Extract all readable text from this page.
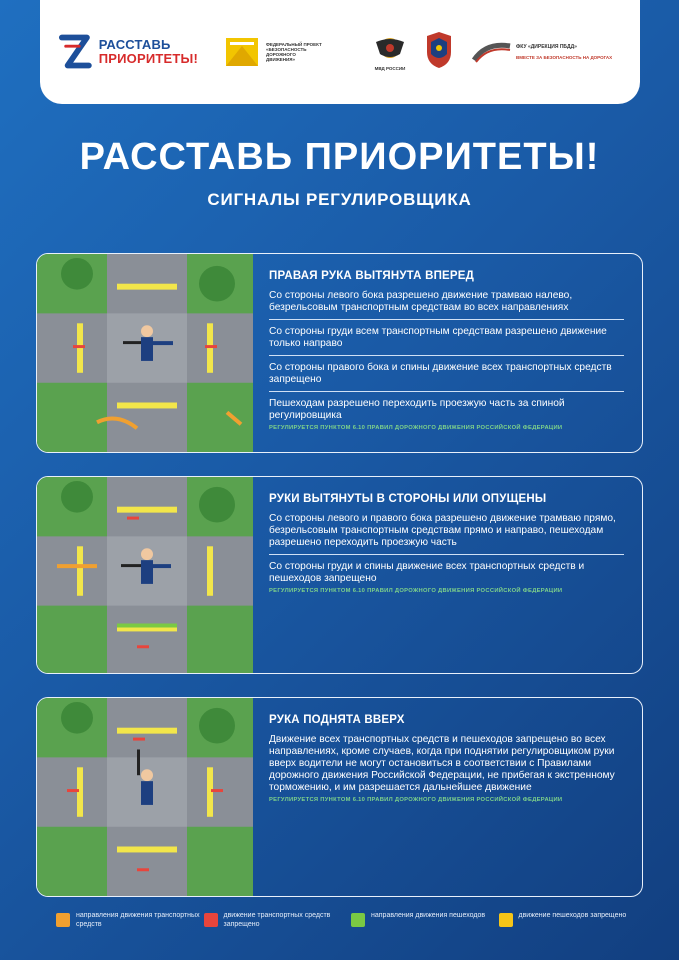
РАССТАВЬ
ПРИОРИТЕТЫ!
ФЕДЕРАЛЬНЫЙ ПРОЕКТ «БЕЗОПАСНОСТЬ ДОРОЖНОГО ДВИЖЕНИЯ»
МВД РОССИИ
ФКУ «ДИРЕКЦИЯ ПБДД»
ВМЕСТЕ ЗА БЕЗОПАСНОСТЬ НА ДОРОГАХ
РАССТАВЬ ПРИОРИТЕТЫ!
СИГНАЛЫ РЕГУЛИРОВЩИКА
ПРАВАЯ РУКА ВЫТЯНУТА ВПЕРЕД
Со стороны левого бока разрешено движение трамваю налево, безрельсовым транспортным средствам во всех направлениях
Со стороны груди всем транспортным средствам разрешено движение только направо
Со стороны правого бока и спины движение всех транспортных средств запрещено
Пешеходам разрешено переходить проезжую часть за спиной регулировщика
РЕГУЛИРУЕТСЯ ПУНКТОМ 6.10 ПРАВИЛ ДОРОЖНОГО ДВИЖЕНИЯ РОССИЙСКОЙ ФЕДЕРАЦИИ
РУКИ ВЫТЯНУТЫ В СТОРОНЫ ИЛИ ОПУЩЕНЫ
Со стороны левого и правого бока разрешено движение трамваю прямо, безрельсовым транспортным средствам прямо и направо, пешеходам разрешено переходить проезжую часть
Со стороны груди и спины движение всех транспортных средств и пешеходов запрещено
РЕГУЛИРУЕТСЯ ПУНКТОМ 6.10 ПРАВИЛ ДОРОЖНОГО ДВИЖЕНИЯ РОССИЙСКОЙ ФЕДЕРАЦИИ
РУКА ПОДНЯТА ВВЕРХ
Движение всех транспортных средств и пешеходов запрещено во всех направлениях, кроме случаев, когда при поднятии регулировщиком руки вверх водители не могут остановиться в соответствии с Правилами дорожного движения Российской Федерации, не прибегая к экстренному торможению, и им разрешается дальнейшее движение
РЕГУЛИРУЕТСЯ ПУНКТОМ 6.10 ПРАВИЛ ДОРОЖНОГО ДВИЖЕНИЯ РОССИЙСКОЙ ФЕДЕРАЦИИ
направления движения транспортных средств
движение транспортных средств запрещено
направления движения пешеходов	движение пешеходов запрещено
